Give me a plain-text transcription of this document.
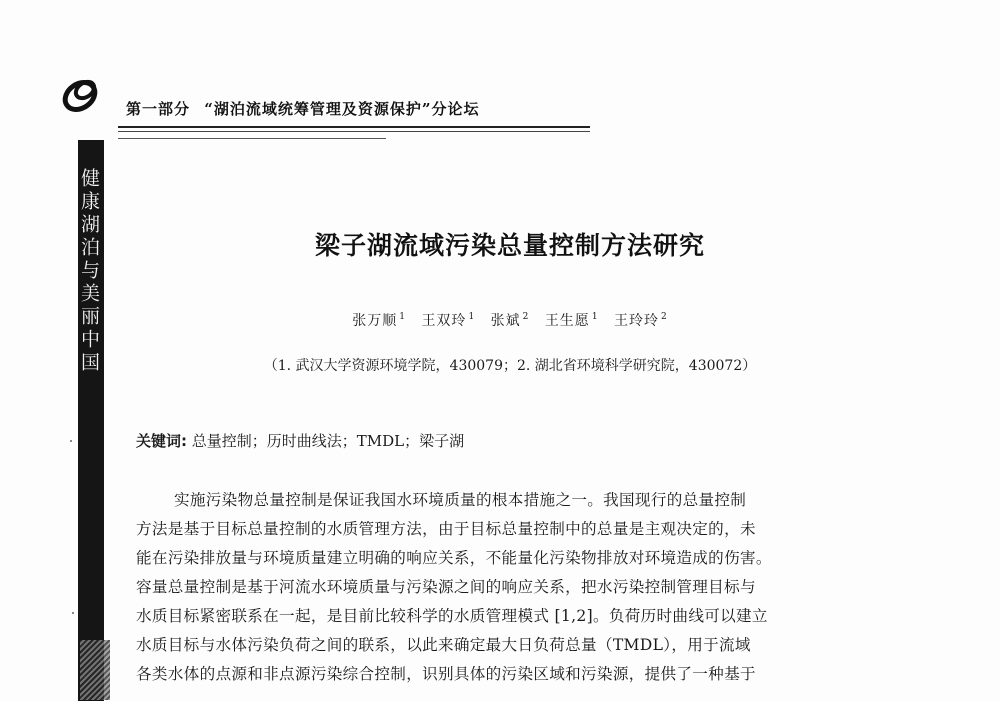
第一部分 “湖泊流域统筹管理及资源保护”分论坛
健康湖泊与美丽中国	梁子湖流域污染总量控制方法研究
张万顺 $^1$ 王双玲 $^1$ 张斌 $^2$ 王生愿 $^1$ 王玲玲 $^2$
（1. 武汉大学资源环境学院，430079；2. 湖北省环境科学研究院，430072）
关键词: 总量控制；历时曲线法；TMDL；梁子湖
实施污染物总量控制是保证我国水环境质量的根本措施之一。我国现行的总量控制
方法是基于目标总量控制的水质管理方法，由于目标总量控制中的总量是主观决定的，未
能在污染排放量与环境质量建立明确的响应关系，不能量化污染物排放对环境造成的伤害。
容量总量控制是基于河流水环境质量与污染源之间的响应关系，把水污染控制管理目标与
水质目标紧密联系在一起，是目前比较科学的水质管理模式 [1,2]。负荷历时曲线可以建立
水质目标与水体污染负荷之间的联系，以此来确定最大日负荷总量（TMDL），用于流域
各类水体的点源和非点源污染综合控制，识别具体的污染区域和污染源，提供了一种基于
